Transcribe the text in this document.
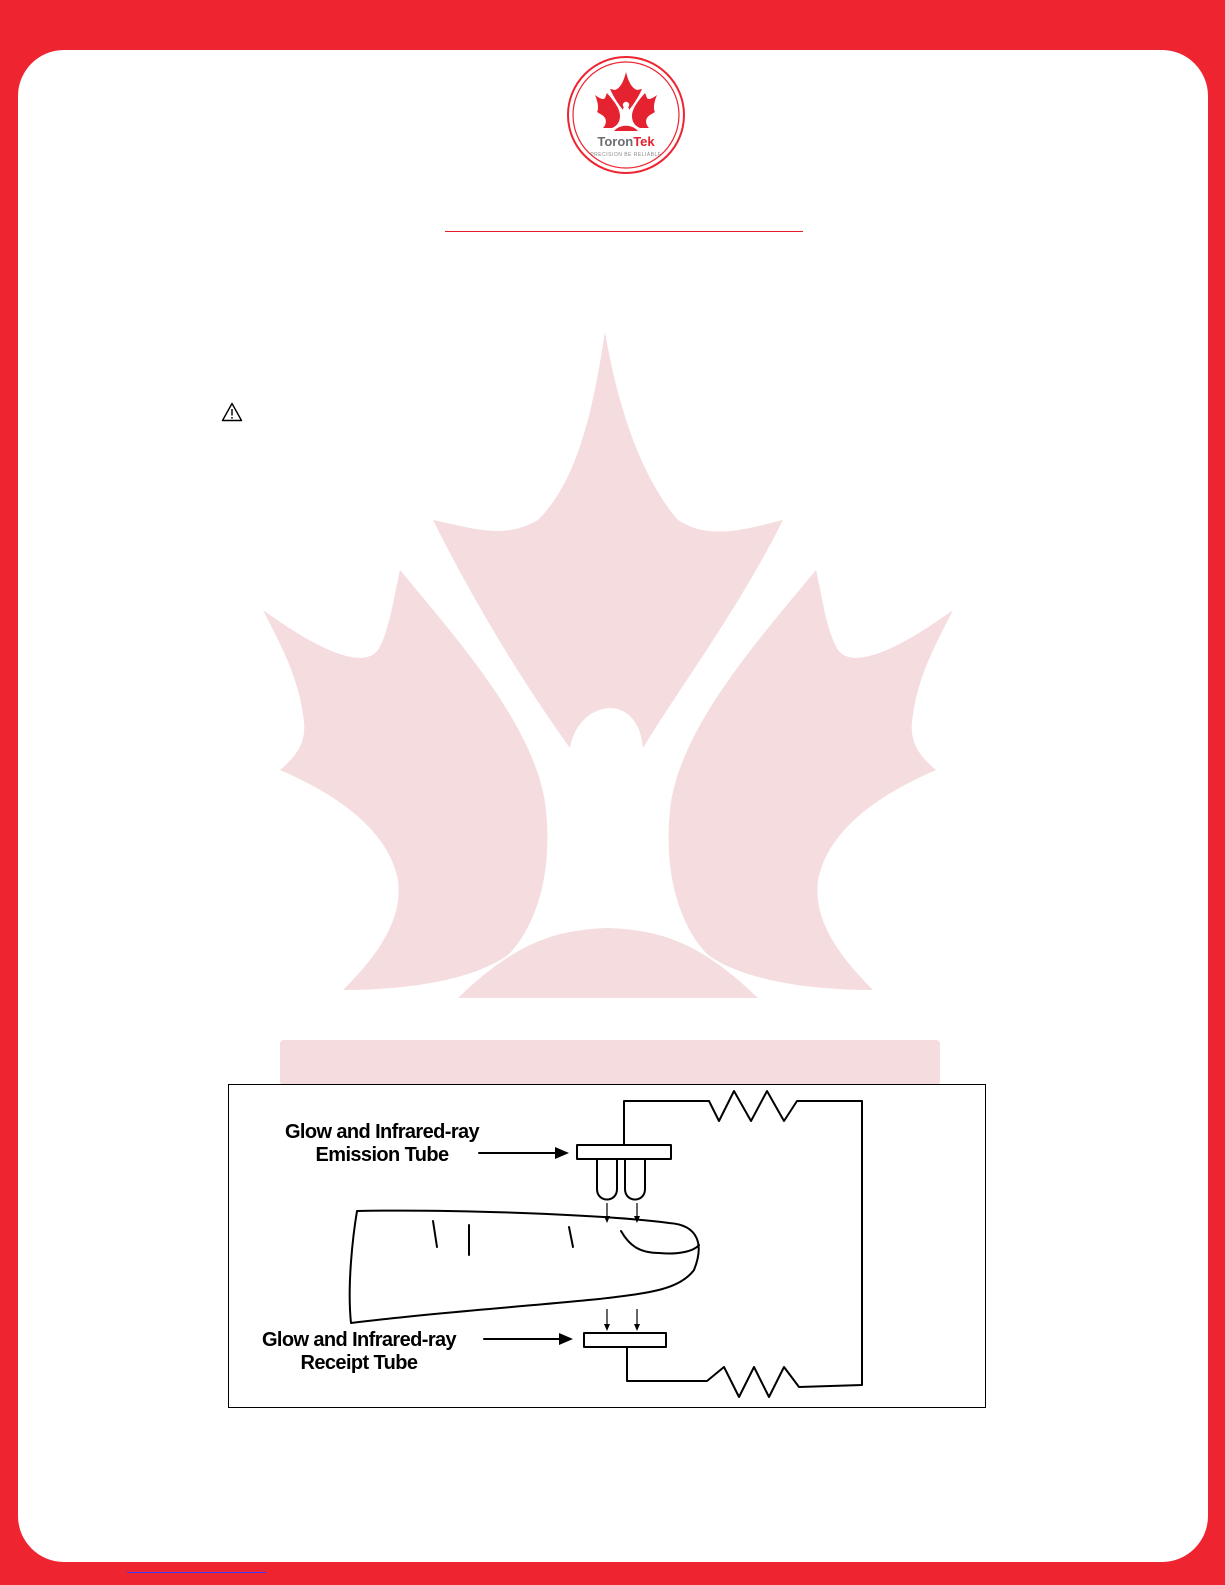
ToronTek
PRECISION BE RELIABLE
Glow and Infrared-ray
Emission Tube
Glow and Infrared-ray
Receipt Tube
